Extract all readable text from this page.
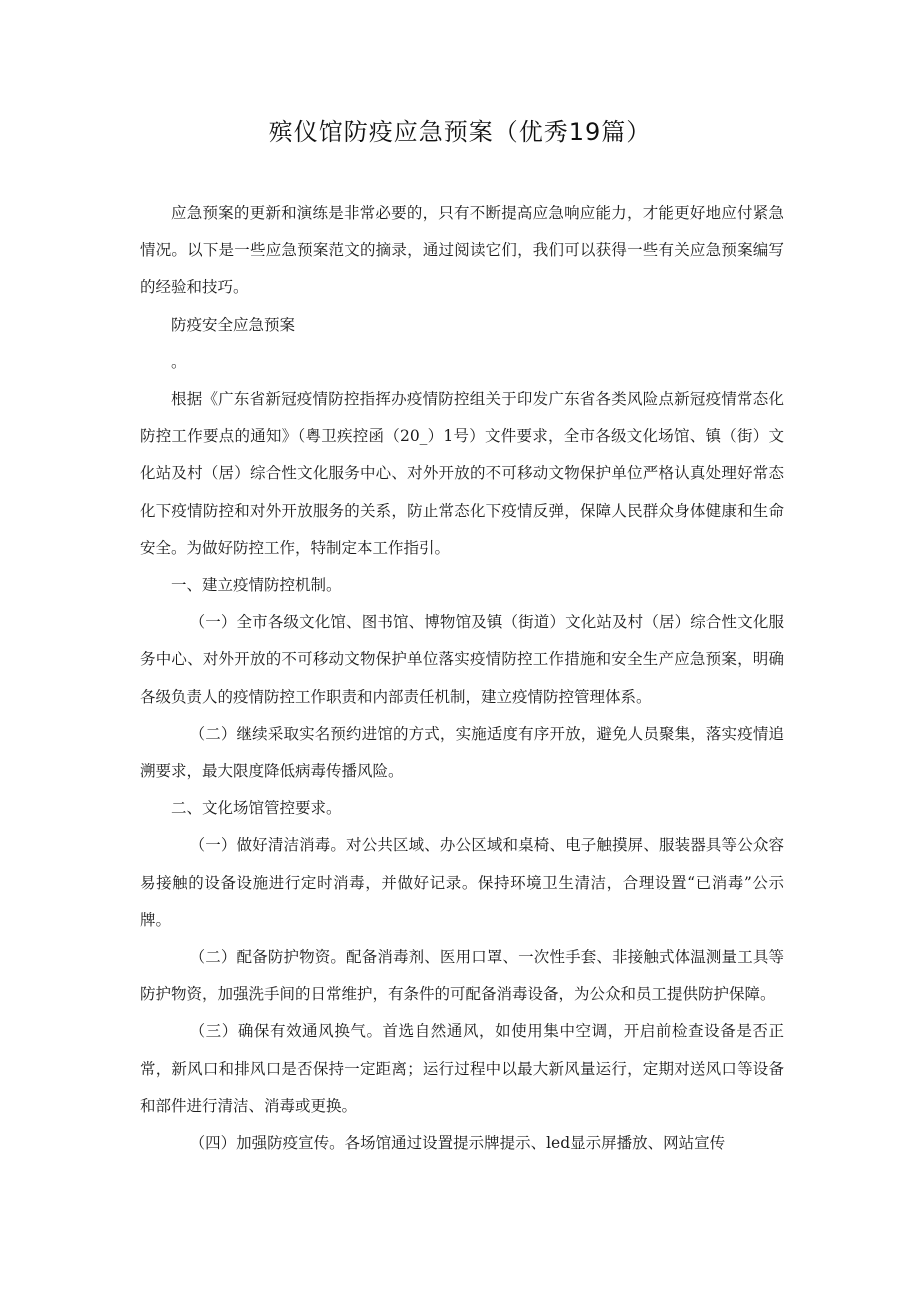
殡仪馆防疫应急预案（优秀19篇）

应急预案的更新和演练是非常必要的，只有不断提高应急响应能力，才能更好地应付紧急情况。以下是一些应急预案范文的摘录，通过阅读它们，我们可以获得一些有关应急预案编写的经验和技巧。

防疫安全应急预案

。

根据《广东省新冠疫情防控指挥办疫情防控组关于印发广东省各类风险点新冠疫情常态化防控工作要点的通知》（粤卫疾控函（20_）1号）文件要求，全市各级文化场馆、镇（街）文化站及村（居）综合性文化服务中心、对外开放的不可移动文物保护单位严格认真处理好常态化下疫情防控和对外开放服务的关系，防止常态化下疫情反弹，保障人民群众身体健康和生命安全。为做好防控工作，特制定本工作指引。

一、建立疫情防控机制。

（一）全市各级文化馆、图书馆、博物馆及镇（街道）文化站及村（居）综合性文化服务中心、对外开放的不可移动文物保护单位落实疫情防控工作措施和安全生产应急预案，明确各级负责人的疫情防控工作职责和内部责任机制，建立疫情防控管理体系。

（二）继续采取实名预约进馆的方式，实施适度有序开放，避免人员聚集，落实疫情追溯要求，最大限度降低病毒传播风险。

二、文化场馆管控要求。

（一）做好清洁消毒。对公共区域、办公区域和桌椅、电子触摸屏、服装器具等公众容易接触的设备设施进行定时消毒，并做好记录。保持环境卫生清洁，合理设置“已消毒”公示牌。

（二）配备防护物资。配备消毒剂、医用口罩、一次性手套、非接触式体温测量工具等防护物资，加强洗手间的日常维护，有条件的可配备消毒设备，为公众和员工提供防护保障。

（三）确保有效通风换气。首选自然通风，如使用集中空调，开启前检查设备是否正常，新风口和排风口是否保持一定距离；运行过程中以最大新风量运行，定期对送风口等设备和部件进行清洁、消毒或更换。

（四）加强防疫宣传。各场馆通过设置提示牌提示、led显示屏播放、网站宣传
